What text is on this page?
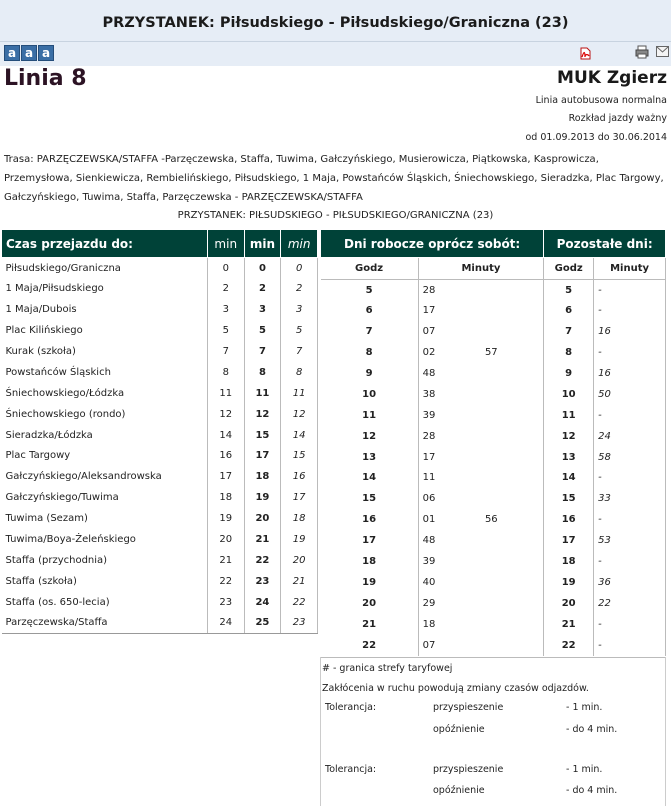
PRZYSTANEK: Piłsudskiego - Piłsudskiego/Graniczna (23)
a a a
Linia 8	MUK Zgierz
Linia autobusowa normalna
Rozkład jazdy ważny
od 01.09.2013 do 30.06.2014
Trasa: PARZĘCZEWSKA/STAFFA -Parzęczewska, Staffa, Tuwima, Gałczyńskiego, Musierowicza, Piątkowska, Kasprowicza, Przemysłowa, Sienkiewicza, Rembielińskiego, Piłsudskiego, 1 Maja, Powstańców Śląskich, Śniechowskiego, Sieradzka, Plac Targowy, Gałczyńskiego, Tuwima, Staffa, Parzęczewska - PARZĘCZEWSKA/STAFFA
PRZYSTANEK: PIŁSUDSKIEGO - PIŁSUDSKIEGO/GRANICZNA (23)
Czas przejazdu do:	min	min	min
Piłsudskiego/Graniczna	0	0	0
1 Maja/Piłsudskiego	2	2	2
1 Maja/Dubois	3	3	3
Plac Kilińskiego	5	5	5
Kurak (szkoła)	7	7	7
Powstańców Śląskich	8	8	8
Śniechowskiego/Łódzka	11	11	11
Śniechowskiego (rondo)	12	12	12
Sieradzka/Łódzka	14	15	14
Plac Targowy	16	17	15
Gałczyńskiego/Aleksandrowska	17	18	16
Gałczyńskiego/Tuwima	18	19	17
Tuwima (Sezam)	19	20	18
Tuwima/Boya-Żeleńskiego	20	21	19
Staffa (przychodnia)	21	22	20
Staffa (szkoła)	22	23	21
Staffa (os. 650-lecia)	23	24	22
Parzęczewska/Staffa	24	25	23
Dni robocze oprócz sobót:			Pozostałe dni:	
Godz	Minuty		Godz	Minuty
5	28		5	-
6	17		6	-
7	07		7	16
8	02	57	8	-
9	48		9	16
10	38		10	50
11	39		11	-
12	28		12	24
13	17		13	58
14	11		14	-
15	06		15	33
16	01	56	16	-
17	48		17	53
18	39		18	-
19	40		19	36
20	29		20	22
21	18		21	-
22	07		22	-
# - granica strefy taryfowej
Zakłócenia w ruchu powodują zmiany czasów odjazdów.
Tolerancja:	przyspieszenie	- 1 min.
opóźnienie	- do 4 min.
Tolerancja:	przyspieszenie	- 1 min.
opóźnienie	- do 4 min.
